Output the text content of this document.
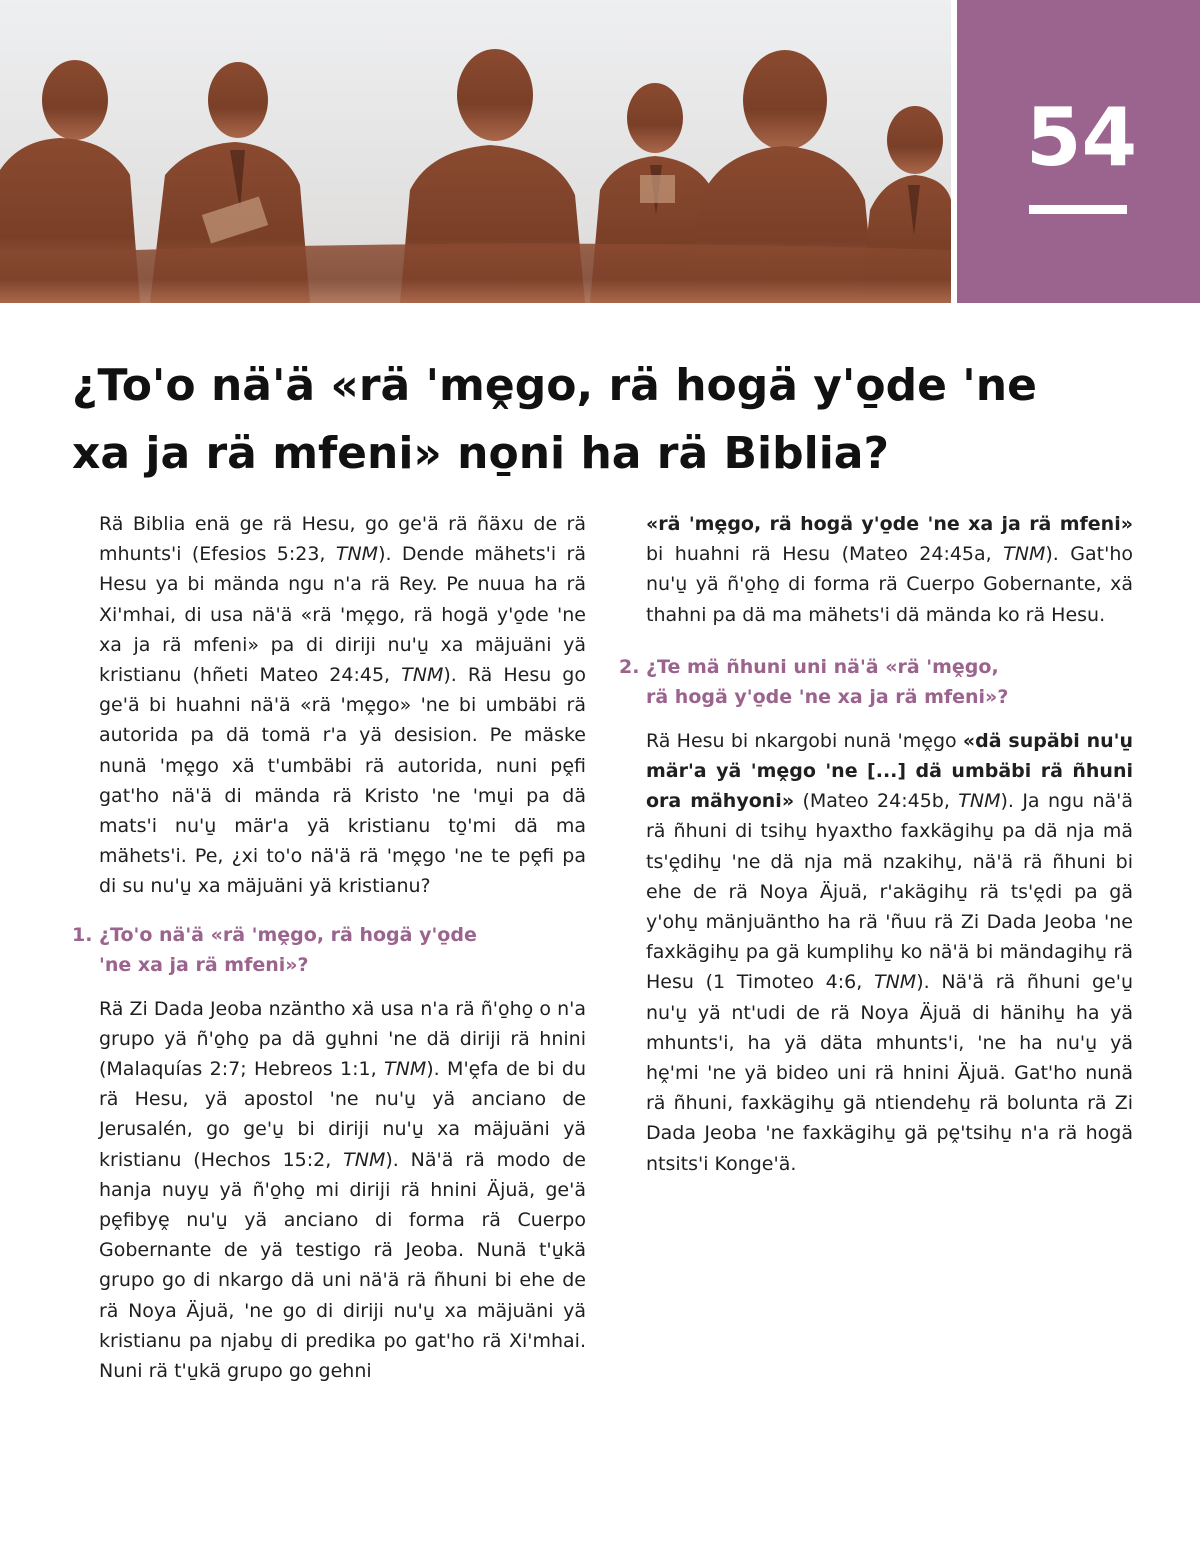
54
¿To'o nä'ä «rä 'mḙgo, rä hogä y'o̱de 'ne
xa ja rä mfeni» no̱ni ha rä Biblia?

Rä Biblia enä ge rä Hesu, go ge'ä rä ñäxu de rä mhunts'i (Efesios 5:23, TNM). Dende mähets'i rä Hesu ya bi mända ngu n'a rä Rey. Pe nuua ha rä Xi'mhai, di usa nä'ä «rä 'mḙgo, rä hogä y'o̱de 'ne xa ja rä mfeni» pa di diriji nu'u̱ xa mäjuäni yä kristianu (hñeti Mateo 24:45, TNM). Rä Hesu go ge'ä bi huahni nä'ä «rä 'mḙgo» 'ne bi umbäbi rä autorida pa dä tomä r'a yä desision. Pe mäske nunä 'mḙgo xä t'umbäbi rä autorida, nuni pḙfi gat'ho nä'ä di mända rä Kristo 'ne 'mu̱i pa dä mats'i nu'u̱ mär'a yä kristianu to̱'mi dä ma mähets'i. Pe, ¿xi to'o nä'ä rä 'mḙgo 'ne te pḙfi pa di su nu'u̱ xa mäjuäni yä kristianu?

1. ¿To'o nä'ä «rä 'mḙgo, rä hogä y'o̱de
'ne xa ja rä mfeni»?

Rä Zi Dada Jeoba nzäntho xä usa n'a rä ñ'o̱ho̱ o n'a grupo yä ñ'o̱ho̱ pa dä gu̱hni 'ne dä diriji rä hnini (Malaquías 2:7; Hebreos 1:1, TNM). M'ḙfa de bi du rä Hesu, yä apostol 'ne nu'u̱ yä anciano de Jerusalén, go ge'u̱ bi diriji nu'u̱ xa mäjuäni yä kristianu (Hechos 15:2, TNM). Nä'ä rä modo de hanja nuyu̱ yä ñ'o̱ho̱ mi diriji rä hnini Äjuä, ge'ä pḙfibyḙ nu'u̱ yä anciano di forma rä Cuerpo Gobernante de yä testigo rä Jeoba. Nunä t'u̱kä grupo go di nkargo dä uni nä'ä rä ñhuni bi ehe de rä Noya Äjuä, 'ne go di diriji nu'u̱ xa mäjuäni yä kristianu pa njabu̱ di predika po gat'ho rä Xi'mhai. Nuni rä t'u̱kä grupo go gehni

«rä 'mḙgo, rä hogä y'o̱de 'ne xa ja rä mfeni» bi huahni rä Hesu (Mateo 24:45a, TNM). Gat'ho nu'u̱ yä ñ'o̱ho̱ di forma rä Cuerpo Gobernante, xä thahni pa dä ma mähets'i dä mända ko rä Hesu.

2. ¿Te mä ñhuni uni nä'ä «rä 'mḙgo,
rä hogä y'o̱de 'ne xa ja rä mfeni»?

Rä Hesu bi nkargobi nunä 'mḙgo «dä supäbi nu'u̱ mär'a yä 'mḙgo 'ne [...] dä umbäbi rä ñhuni ora mähyoni» (Mateo 24:45b, TNM). Ja ngu nä'ä rä ñhuni di tsihu̱ hyaxtho faxkägihu̱ pa dä nja mä ts'ḙdihu̱ 'ne dä nja mä nzakihu̱, nä'ä rä ñhuni bi ehe de rä Noya Äjuä, r'akägihu̱ rä ts'ḙdi pa gä y'ohu̱ mänjuäntho ha rä 'ñuu rä Zi Dada Jeoba 'ne faxkägihu̱ pa gä kumplihu̱ ko nä'ä bi mändagihu̱ rä Hesu (1 Timoteo 4:6, TNM). Nä'ä rä ñhuni ge'u̱ nu'u̱ yä nt'udi de rä Noya Äjuä di hänihu̱ ha yä mhunts'i, ha yä däta mhunts'i, 'ne ha nu'u̱ yä hḙ'mi 'ne yä bideo uni rä hnini Äjuä. Gat'ho nunä rä ñhuni, faxkägihu̱ gä ntiendehu̱ rä bolunta rä Zi Dada Jeoba 'ne faxkägihu̱ gä pḙ'tsihu̱ n'a rä hogä ntsits'i Konge'ä.
